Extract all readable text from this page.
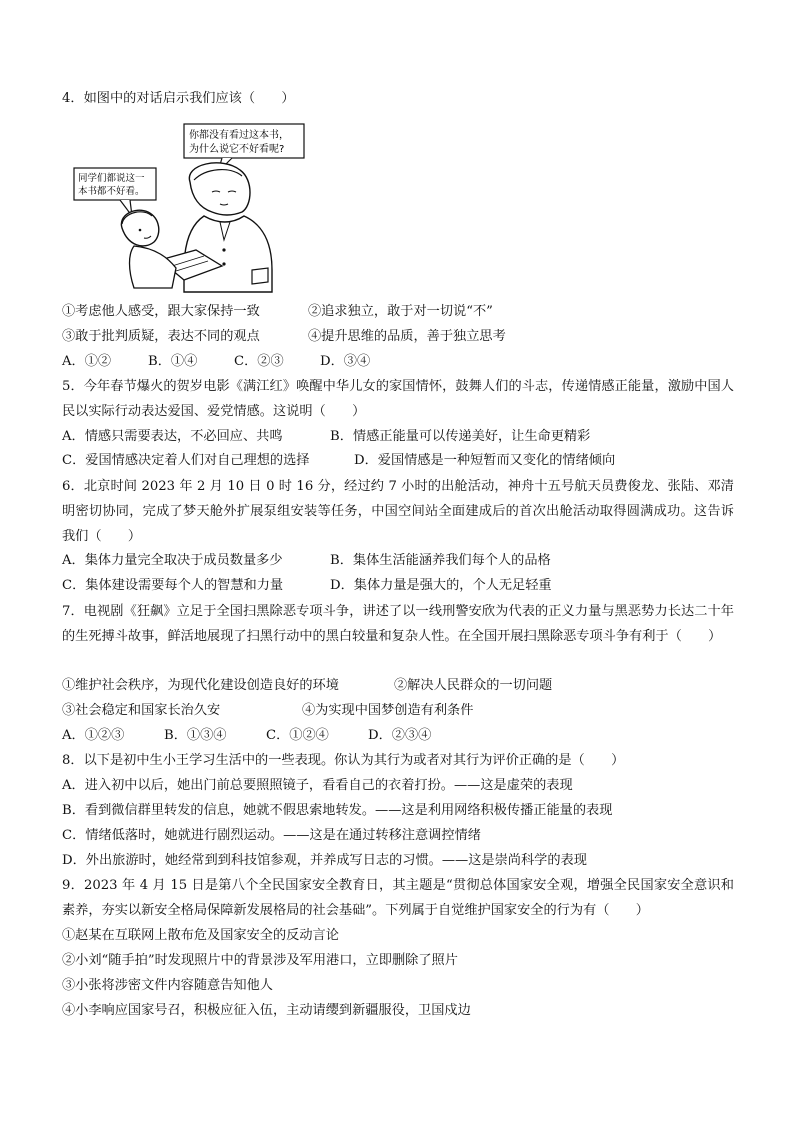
4．如图中的对话启示我们应该（　　）
你都没有看过这本书，
为什么说它不好看呢?
同学们都说这一
本书都不好看。
①考虑他人感受，跟大家保持一致	②追求独立，敢于对一切说“不”
③敢于批判质疑，表达不同的观点	④提升思维的品质，善于独立思考
A．①②	B．①④	C．②③	D．③④
5．今年春节爆火的贺岁电影《满江红》唤醒中华儿女的家国情怀，鼓舞人们的斗志，传递情感正能量，激励中国人民以实际行动表达爱国、爱党情感。这说明（　　）
A．情感只需要表达，不必回应、共鸣	B．情感正能量可以传递美好，让生命更精彩
C．爱国情感决定着人们对自己理想的选择	D．爱国情感是一种短暂而又变化的情绪倾向
6．北京时间 2023 年 2 月 10 日 0 时 16 分，经过约 7 小时的出舱活动，神舟十五号航天员费俊龙、张陆、邓清明密切协同，完成了梦天舱外扩展泵组安装等任务，中国空间站全面建成后的首次出舱活动取得圆满成功。这告诉我们（　　）
A．集体力量完全取决于成员数量多少	B．集体生活能涵养我们每个人的品格
C．集体建设需要每个人的智慧和力量	D．集体力量是强大的，个人无足轻重
7．电视剧《狂飙》立足于全国扫黑除恶专项斗争，讲述了以一线刑警安欣为代表的正义力量与黑恶势力长达二十年的生死搏斗故事，鲜活地展现了扫黑行动中的黑白较量和复杂人性。在全国开展扫黑除恶专项斗争有利于（　　）
①维护社会秩序，为现代化建设创造良好的环境	②解决人民群众的一切问题
③社会稳定和国家长治久安	④为实现中国梦创造有利条件
A．①②③	B．①③④	C．①②④	D．②③④
8．以下是初中生小王学习生活中的一些表现。你认为其行为或者对其行为评价正确的是（　　）
A．进入初中以后，她出门前总要照照镜子，看看自己的衣着打扮。——这是虚荣的表现
B．看到微信群里转发的信息，她就不假思索地转发。——这是利用网络积极传播正能量的表现
C．情绪低落时，她就进行剧烈运动。——这是在通过转移注意调控情绪
D．外出旅游时，她经常到到科技馆参观，并养成写日志的习惯。——这是崇尚科学的表现
9．2023 年 4 月 15 日是第八个全民国家安全教育日，其主题是“贯彻总体国家安全观，增强全民国家安全意识和素养，夯实以新安全格局保障新发展格局的社会基础”。下列属于自觉维护国家安全的行为有（　　）
①赵某在互联网上散布危及国家安全的反动言论
②小刘“随手拍”时发现照片中的背景涉及军用港口，立即删除了照片
③小张将涉密文件内容随意告知他人
④小李响应国家号召，积极应征入伍，主动请缨到新疆服役，卫国戍边
